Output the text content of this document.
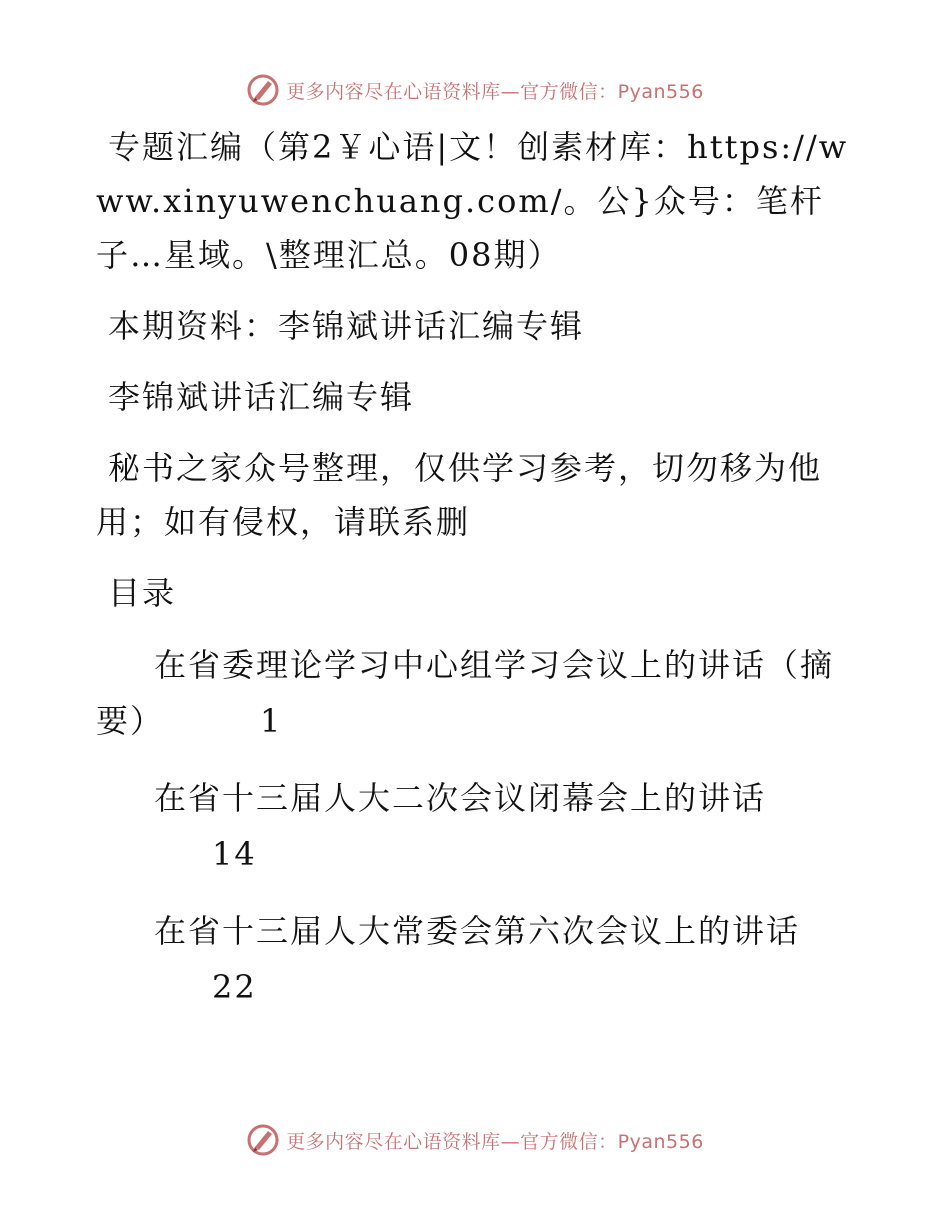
更多内容尽在心语资料库—官方微信：Pyan556

专题汇编（第2￥心语|文！创素材库：https://www.xinyuwenchuang.com/。公}众号：笔杆子…星域。\整理汇总。08期）

本期资料：李锦斌讲话汇编专辑

李锦斌讲话汇编专辑

秘书之家众号整理，仅供学习参考，切勿移为他用；如有侵权，请联系删

目录

在省委理论学习中心组学习会议上的讲话（摘要）	1
在省十三届人大二次会议闭幕会上的讲话
14
在省十三届人大常委会第六次会议上的讲话
22
更多内容尽在心语资料库—官方微信：Pyan556
